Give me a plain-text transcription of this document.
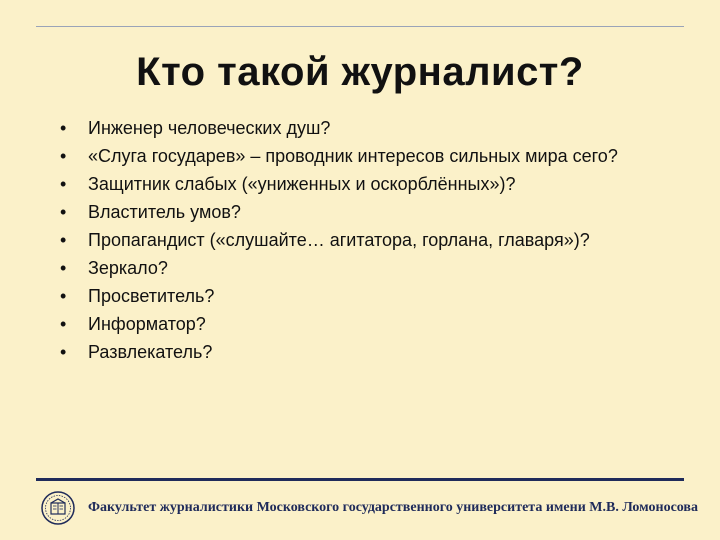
Кто такой журналист?
• Инженер человеческих душ?
• «Слуга государев» – проводник интересов сильных мира сего?
• Защитник слабых («униженных и оскорблённых»)?
• Властитель умов?
• Пропагандист («слушайте… агитатора, горлана, главаря»)?
• Зеркало?
• Просветитель?
• Информатор?
• Развлекатель?
Факультет журналистики Московского государственного университета имени М.В. Ломоносова
